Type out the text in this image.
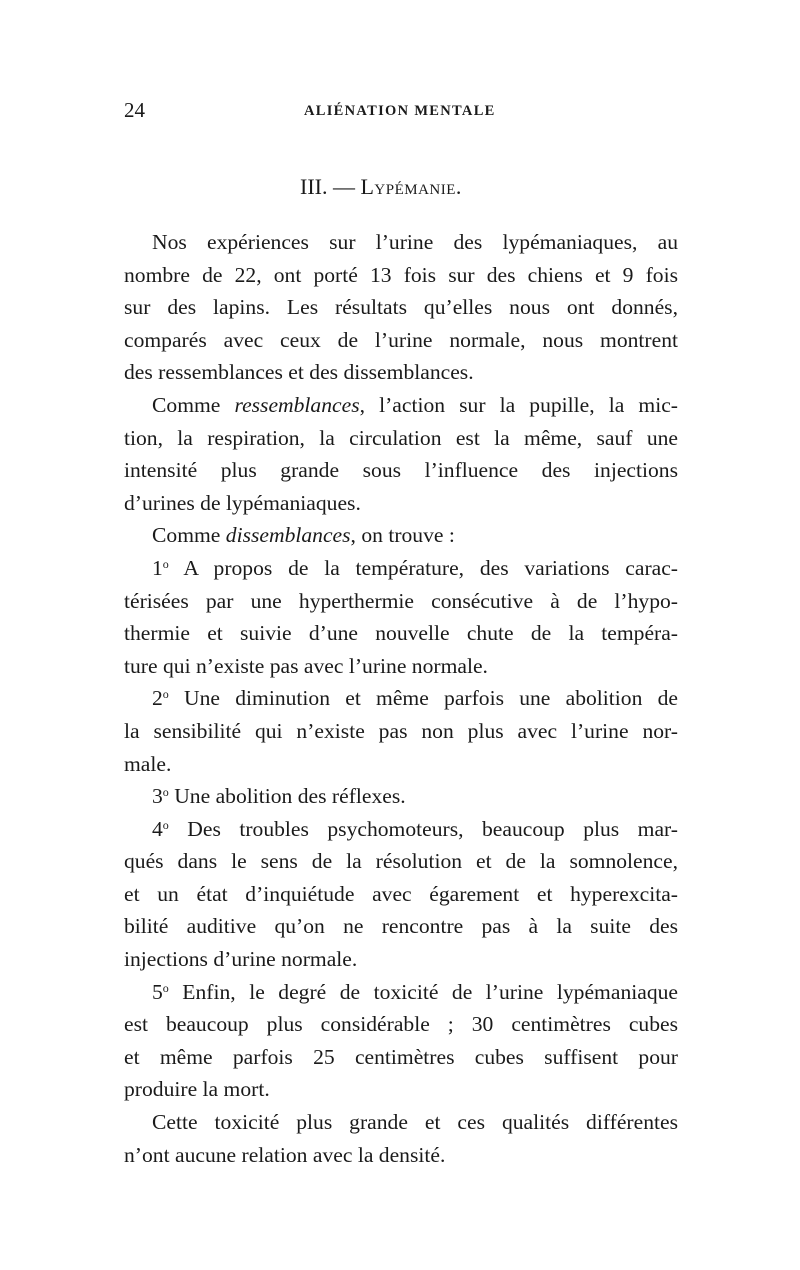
24	ALIÉNATION MENTALE
III. — Lypémanie.
Nos expériences sur l’urine des lypémaniaques, au
nombre de 22, ont porté 13 fois sur des chiens et 9 fois
sur des lapins. Les résultats qu’elles nous ont donnés,
comparés avec ceux de l’urine normale, nous montrent
des ressemblances et des dissemblances.
Comme ressemblances, l’action sur la pupille, la mic-
tion, la respiration, la circulation est la même, sauf une
intensité plus grande sous l’influence des injections
d’urines de lypémaniaques.
Comme dissemblances, on trouve :
1$^o$ A propos de la température, des variations carac-
térisées par une hyperthermie consécutive à de l’hypo-
thermie et suivie d’une nouvelle chute de la tempéra-
ture qui n’existe pas avec l’urine normale.
2$^o$ Une diminution et même parfois une abolition de
la sensibilité qui n’existe pas non plus avec l’urine nor-
male.
3$^o$ Une abolition des réflexes.
4$^o$ Des troubles psychomoteurs, beaucoup plus mar-
qués dans le sens de la résolution et de la somnolence,
et un état d’inquiétude avec égarement et hyperexcita-
bilité auditive qu’on ne rencontre pas à la suite des
injections d’urine normale.
5$^o$ Enfin, le degré de toxicité de l’urine lypémaniaque
est beaucoup plus considérable ; 30 centimètres cubes
et même parfois 25 centimètres cubes suffisent pour
produire la mort.
Cette toxicité plus grande et ces qualités différentes
n’ont aucune relation avec la densité.
